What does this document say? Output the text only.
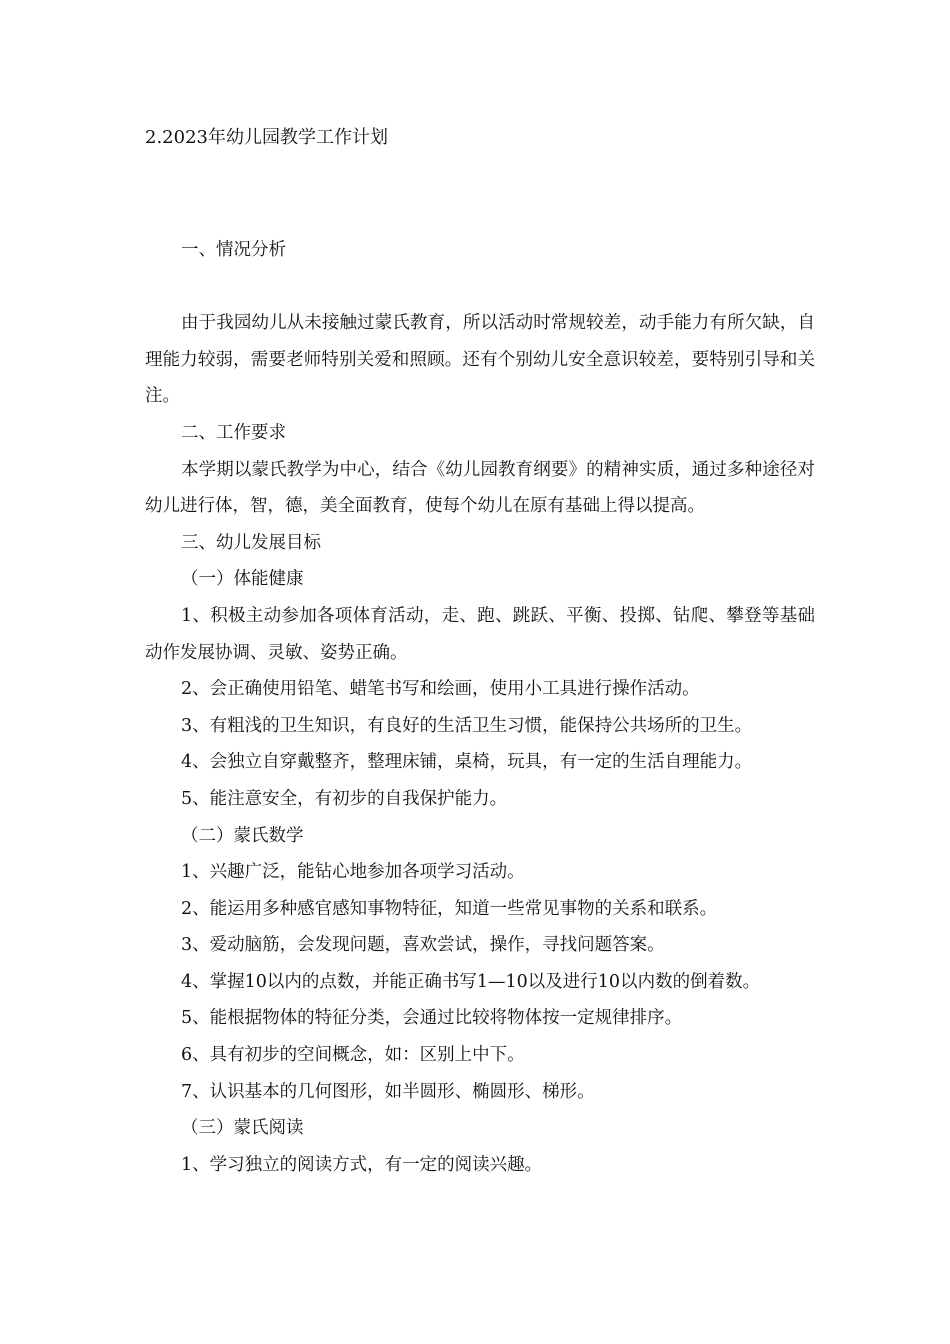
2.2023年幼儿园教学工作计划

一、情况分析

由于我园幼儿从未接触过蒙氏教育，所以活动时常规较差，动手能力有所欠缺，自理能力较弱，需要老师特别关爱和照顾。还有个别幼儿安全意识较差，要特别引导和关注。

二、工作要求

本学期以蒙氏教学为中心，结合《幼儿园教育纲要》的精神实质，通过多种途径对幼儿进行体，智，德，美全面教育，使每个幼儿在原有基础上得以提高。

三、幼儿发展目标

（一）体能健康

1、积极主动参加各项体育活动，走、跑、跳跃、平衡、投掷、钻爬、攀登等基础动作发展协调、灵敏、姿势正确。

2、会正确使用铅笔、蜡笔书写和绘画，使用小工具进行操作活动。

3、有粗浅的卫生知识，有良好的生活卫生习惯，能保持公共场所的卫生。

4、会独立自穿戴整齐，整理床铺，桌椅，玩具，有一定的生活自理能力。

5、能注意安全，有初步的自我保护能力。

（二）蒙氏数学

1、兴趣广泛，能钻心地参加各项学习活动。

2、能运用多种感官感知事物特征，知道一些常见事物的关系和联系。

3、爱动脑筋，会发现问题，喜欢尝试，操作，寻找问题答案。

4、掌握10以内的点数，并能正确书写1—10以及进行10以内数的倒着数。

5、能根据物体的特征分类，会通过比较将物体按一定规律排序。

6、具有初步的空间概念，如：区别上中下。

7、认识基本的几何图形，如半圆形、椭圆形、梯形。

（三）蒙氏阅读

1、学习独立的阅读方式，有一定的阅读兴趣。
